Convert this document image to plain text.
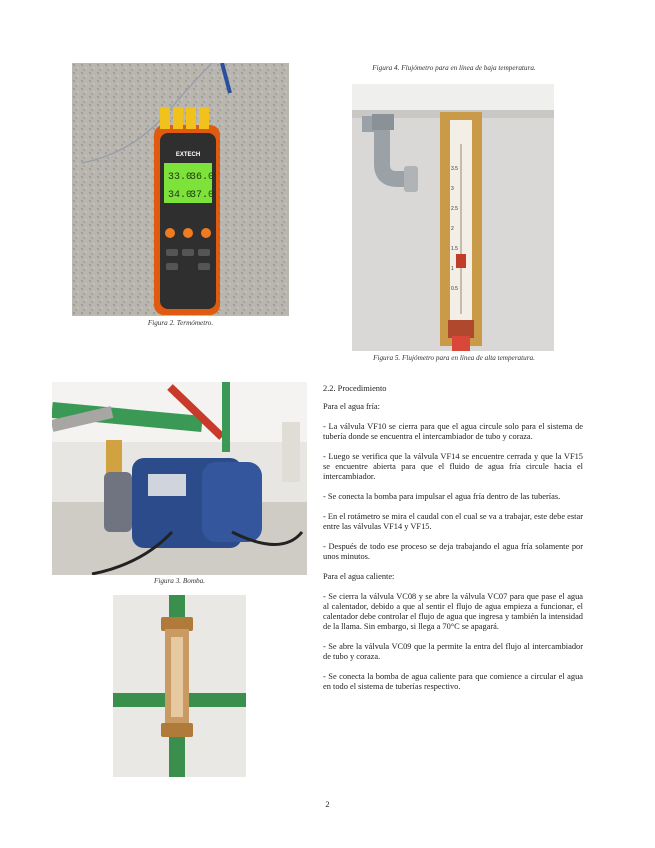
EXTECH
33.0
36.0
34.0
37.0
Figura 2. Termómetro.
Figura 4. Flujómetro para en línea de baja temperatura.
3.5
3
2.5
2
1.5
1
0.5
Figura 5. Flujómetro para en línea de alta temperatura.
Figura 3. Bomba.

2.2. Procedimiento

Para el agua fría:

- La válvula VF10 se cierra para que el agua circule solo para el sistema de tubería donde se encuentra el intercambiador de tubo y coraza.

- Luego se verifica que la válvula VF14 se encuentre cerrada y que la VF15 se encuentre abierta para que el fluido de agua fría circule hacia el intercambiador.

- Se conecta la bomba para impulsar el agua fría dentro de las tuberías.

- En el rotámetro se mira el caudal con el cual se va a trabajar, este debe estar entre las válvulas VF14 y VF15.

- Después de todo ese proceso se deja trabajando el agua fría solamente por unos minutos.

Para el agua caliente:

- Se cierra la válvula VC08 y se abre la válvula VC07 para que pase el agua al calentador, debido a que al sentir el flujo de agua empieza a funcionar, el calentador debe controlar el flujo de agua que ingresa y también la intensidad de la llama. Sin embargo, si llega a 70°C se apagará.

- Se abre la válvula VC09 que la permite la entra del flujo al intercambiador de tubo y coraza.

- Se conecta la bomba de agua caliente para que comience a circular el agua en todo el sistema de tuberías respectivo.

2
